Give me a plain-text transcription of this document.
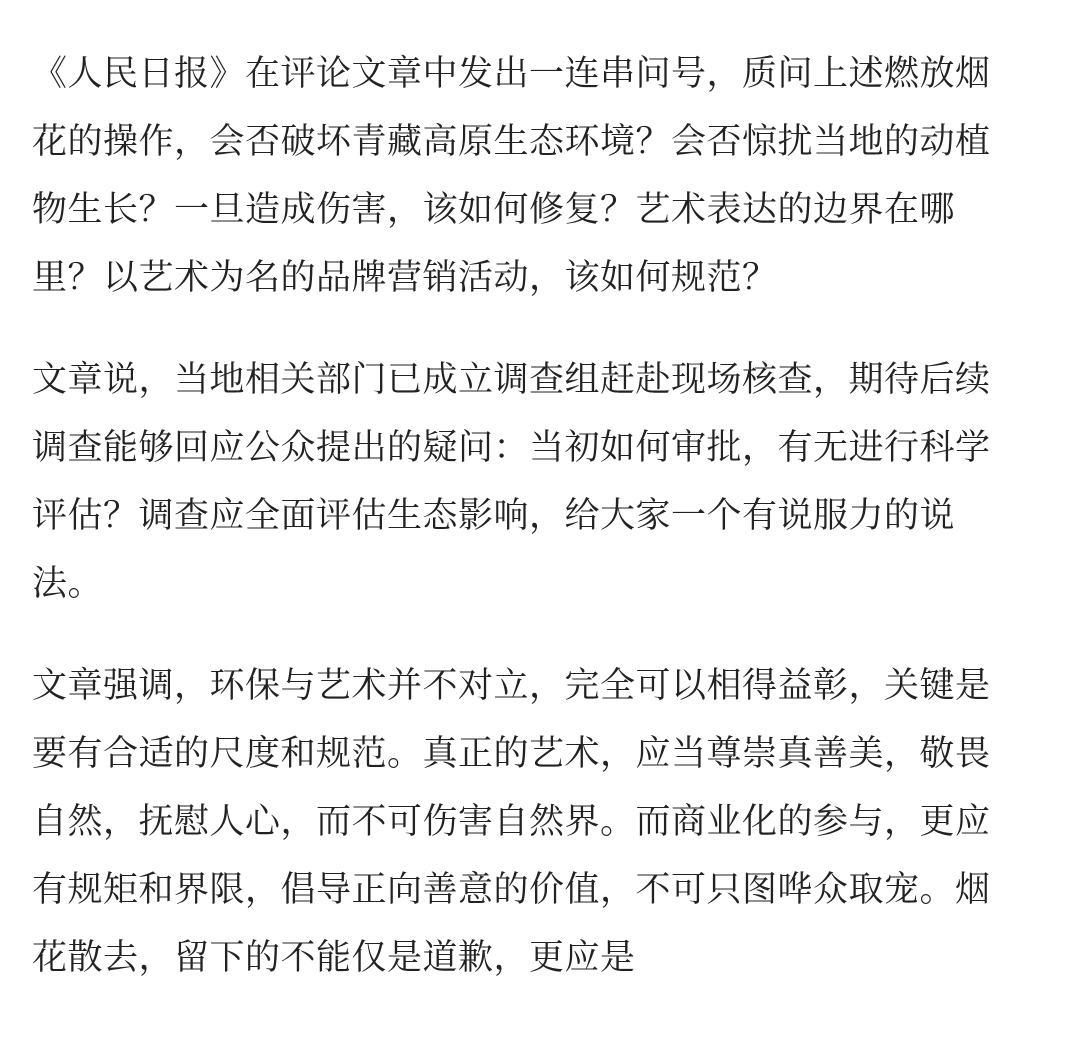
《人民日报》在评论文章中发出一连串问号，质问上述燃放烟花的操作，会否破坏青藏高原生态环境？会否惊扰当地的动植物生长？一旦造成伤害，该如何修复？艺术表达的边界在哪里？以艺术为名的品牌营销活动，该如何规范？

文章说，当地相关部门已成立调查组赶赴现场核查，期待后续调查能够回应公众提出的疑问：当初如何审批，有无进行科学评估？调查应全面评估生态影响，给大家一个有说服力的说法。

文章强调，环保与艺术并不对立，完全可以相得益彰，关键是要有合适的尺度和规范。真正的艺术，应当尊崇真善美，敬畏自然，抚慰人心，而不可伤害自然界。而商业化的参与，更应有规矩和界限，倡导正向善意的价值，不可只图哗众取宠。烟花散去，留下的不能仅是道歉，更应是
